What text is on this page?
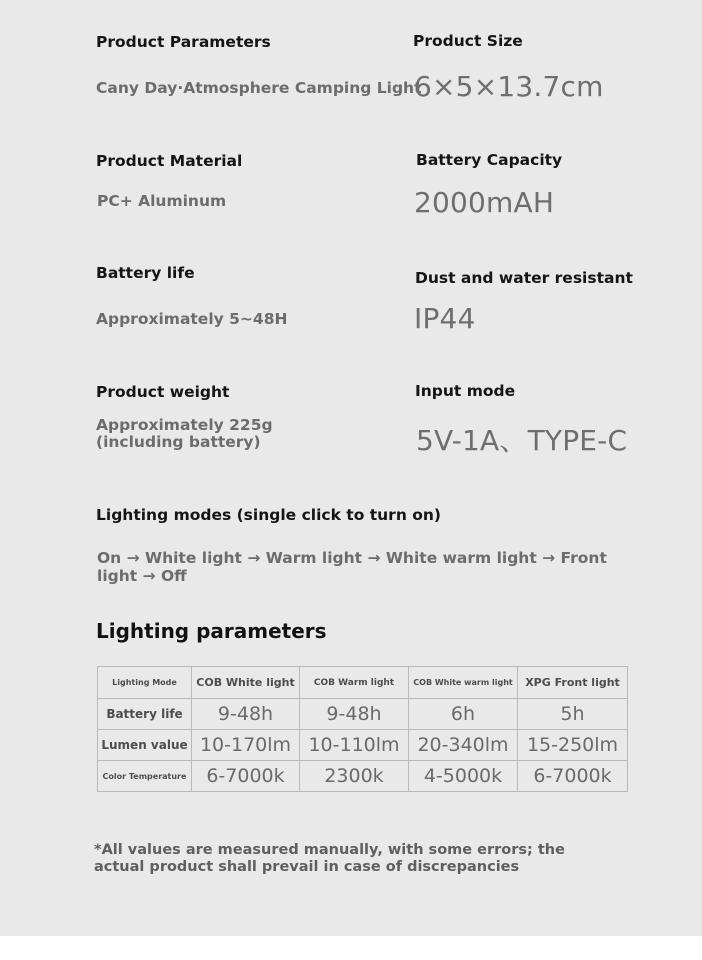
Product Parameters
Cany Day·Atmosphere Camping Light
Product Size
6×5×13.7cm
Product Material
PC+ Aluminum
Battery Capacity
2000mAH
Battery life
Approximately 5~48H
Dust and water resistant
IP44
Product weight
Approximately 225g
(including battery)
Input mode
5V-1A、TYPE-C
Lighting modes (single click to turn on)
On → White light → Warm light → White warm light → Front light → Off
Lighting parameters
Lighting Mode	COB White light	COB Warm light	COB White warm light	XPG Front light
Battery life	9-48h	9-48h	6h	5h
Lumen value	10-170lm	10-110lm	20-340lm	15-250lm
Color Temperature	6-7000k	2300k	4-5000k	6-7000k
*All values are measured manually, with some errors; the actual product shall prevail in case of discrepancies
